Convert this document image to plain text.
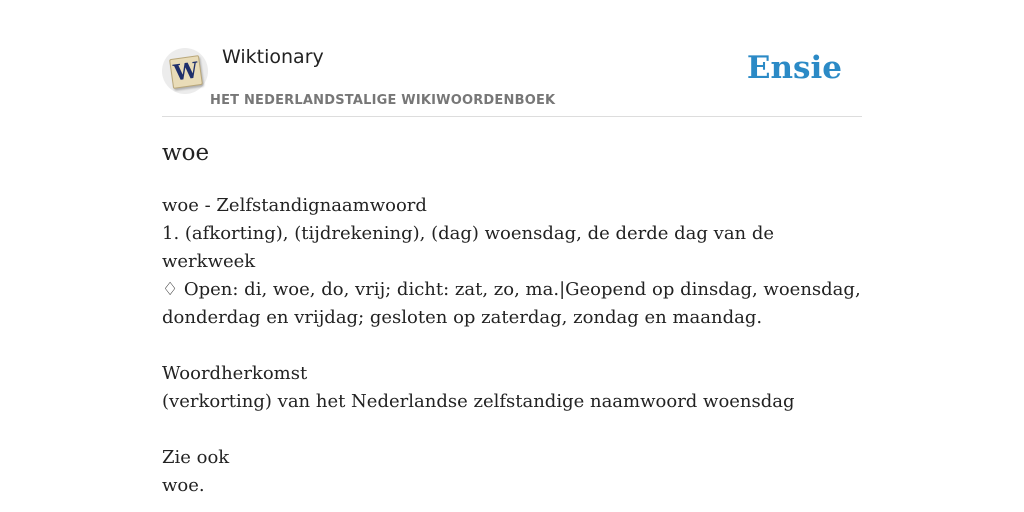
W
Wiktionary
HET NEDERLANDSTALIGE WIKIWOORDENBOEK
Ensie
woe

woe - Zelfstandignaamwoord

1. (afkorting), (tijdrekening), (dag) woensdag, de derde dag van de werkweek

♢ Open: di, woe, do, vrij; dicht: zat, zo, ma.|Geopend op dinsdag, woensdag, donderdag en vrijdag; gesloten op zaterdag, zondag en maandag.

Woordherkomst

(verkorting) van het Nederlandse zelfstandige naamwoord woensdag

Zie ook

woe.
